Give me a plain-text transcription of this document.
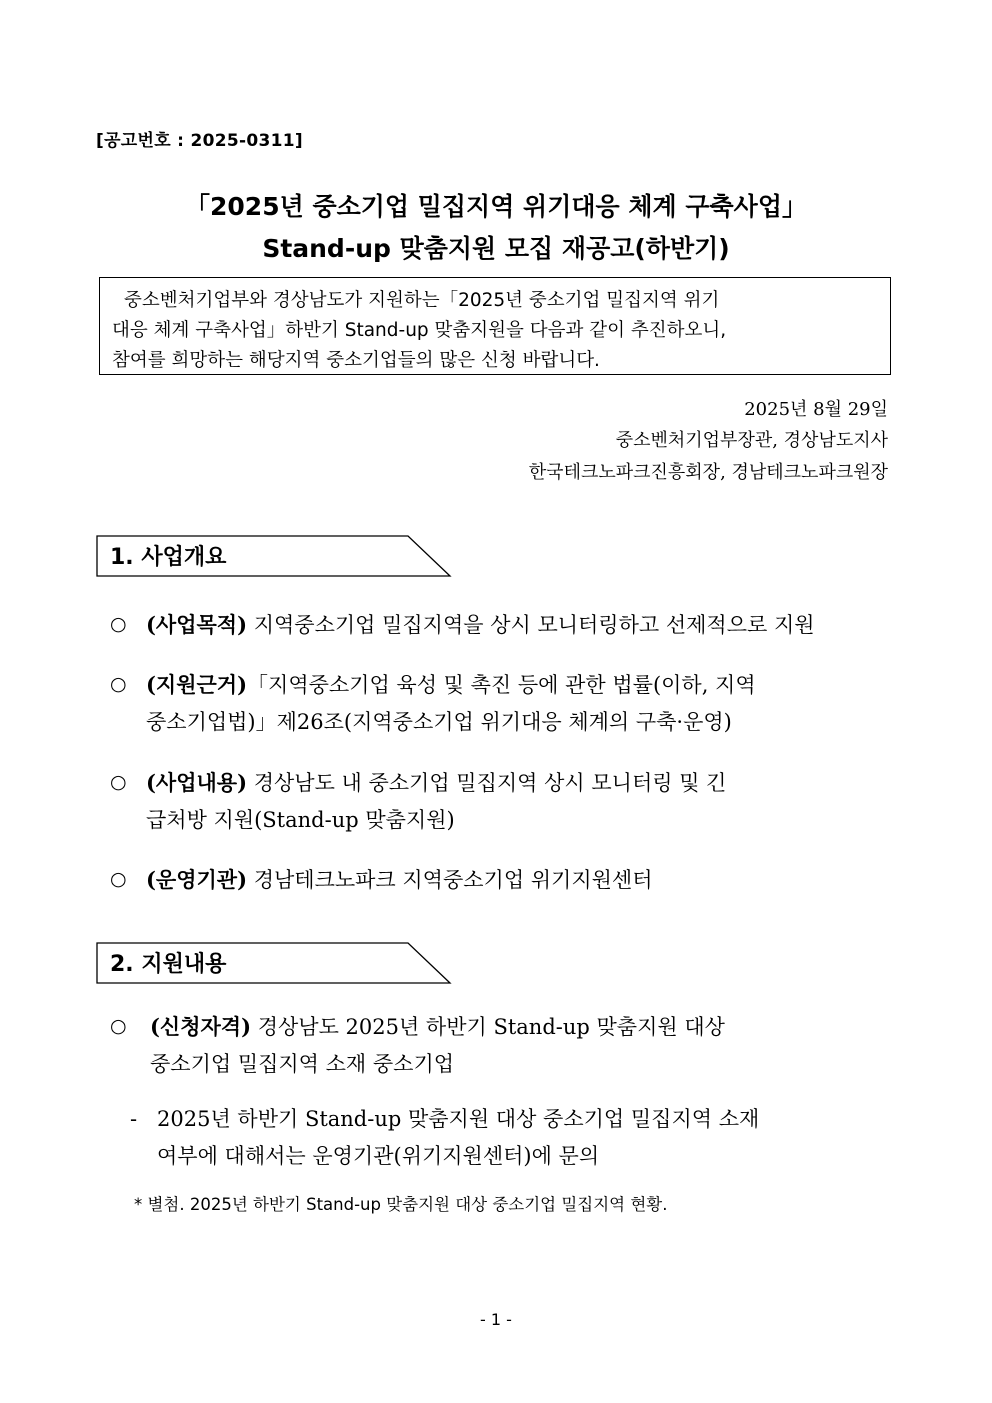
[공고번호 : 2025-0311]
「2025년 중소기업 밀집지역 위기대응 체계 구축사업」
Stand-up 맞춤지원 모집 재공고(하반기)
중소벤처기업부와 경상남도가 지원하는「2025년 중소기업 밀집지역 위기
대응 체계 구축사업」하반기 Stand-up 맞춤지원을 다음과 같이 추진하오니,
참여를 희망하는 해당지역 중소기업들의 많은 신청 바랍니다.
2025년 8월 29일
중소벤처기업부장관, 경상남도지사
한국테크노파크진흥회장, 경남테크노파크원장
1. 사업개요
○ (사업목적) 지역중소기업 밀집지역을 상시 모니터링하고 선제적으로 지원
○ (지원근거)「지역중소기업 육성 및 촉진 등에 관한 법률(이하, 지역
중소기업법)」제26조(지역중소기업 위기대응 체계의 구축·운영)
○ (사업내용) 경상남도 내 중소기업 밀집지역 상시 모니터링 및 긴
급처방 지원(Stand-up 맞춤지원)
○ (운영기관) 경남테크노파크 지역중소기업 위기지원센터
2. 지원내용
○ (신청자격) 경상남도 2025년 하반기 Stand-up 맞춤지원 대상
중소기업 밀집지역 소재 중소기업
- 2025년 하반기 Stand-up 맞춤지원 대상 중소기업 밀집지역 소재
여부에 대해서는 운영기관(위기지원센터)에 문의
* 별첨. 2025년 하반기 Stand-up 맞춤지원 대상 중소기업 밀집지역 현황.
- 1 -
